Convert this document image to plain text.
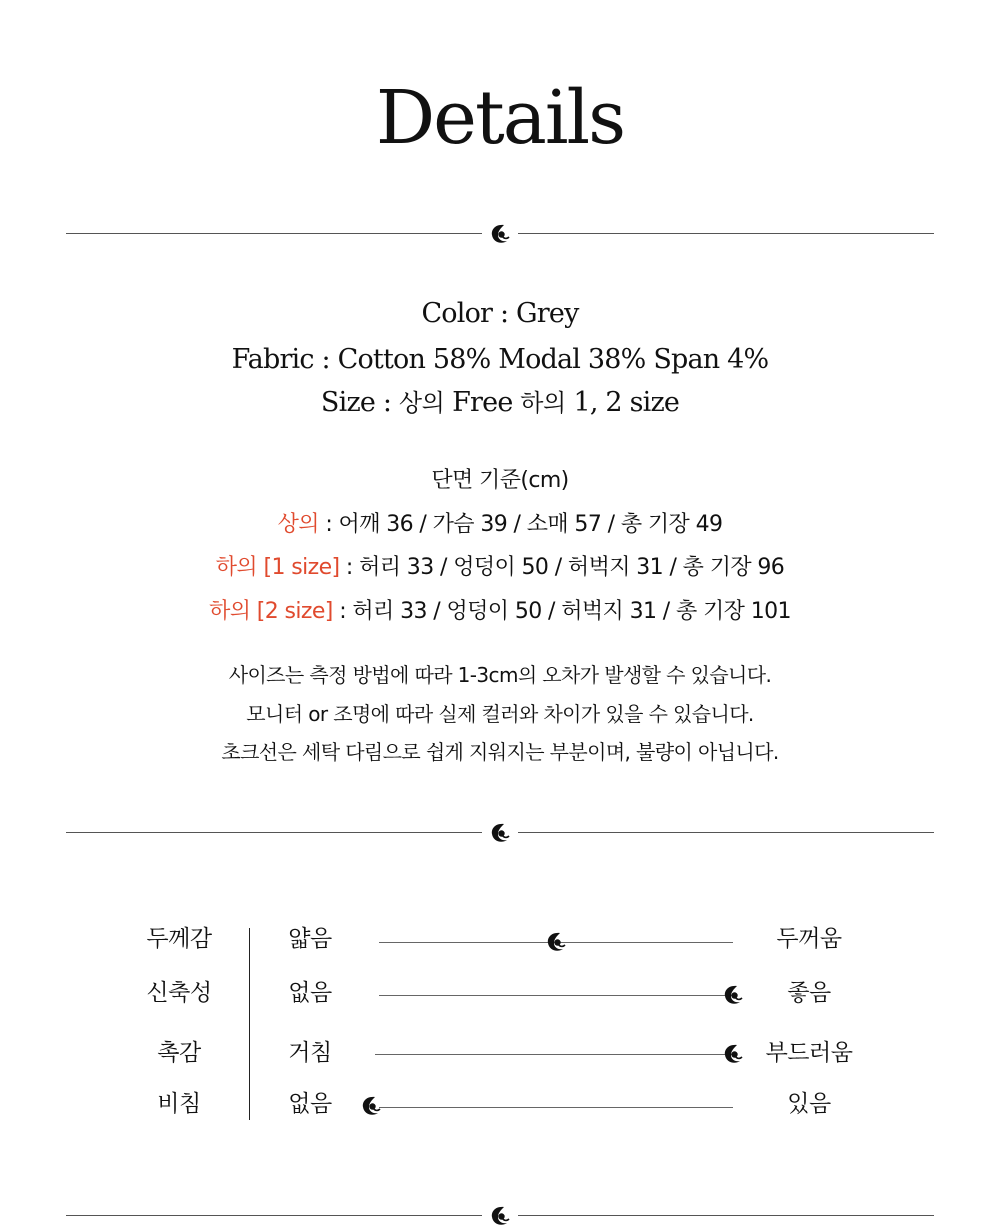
Details
Color : Grey
Fabric : Cotton 58% Modal 38% Span 4%
Size : 상의 Free 하의 1, 2 size
단면 기준(cm)
상의 : 어깨 36 / 가슴 39 / 소매 57 / 총 기장 49
하의 [1 size] : 허리 33 / 엉덩이 50 / 허벅지 31 / 총 기장 96
하의 [2 size] : 허리 33 / 엉덩이 50 / 허벅지 31 / 총 기장 101
사이즈는 측정 방법에 따라 1-3cm의 오차가 발생할 수 있습니다.
모니터 or 조명에 따라 실제 컬러와 차이가 있을 수 있습니다.
초크선은 세탁 다림으로 쉽게 지워지는 부분이며, 불량이 아닙니다.
두께감	얇음	두꺼움
신축성	없음	좋음
촉감	거침	부드러움
비침	없음	있음
